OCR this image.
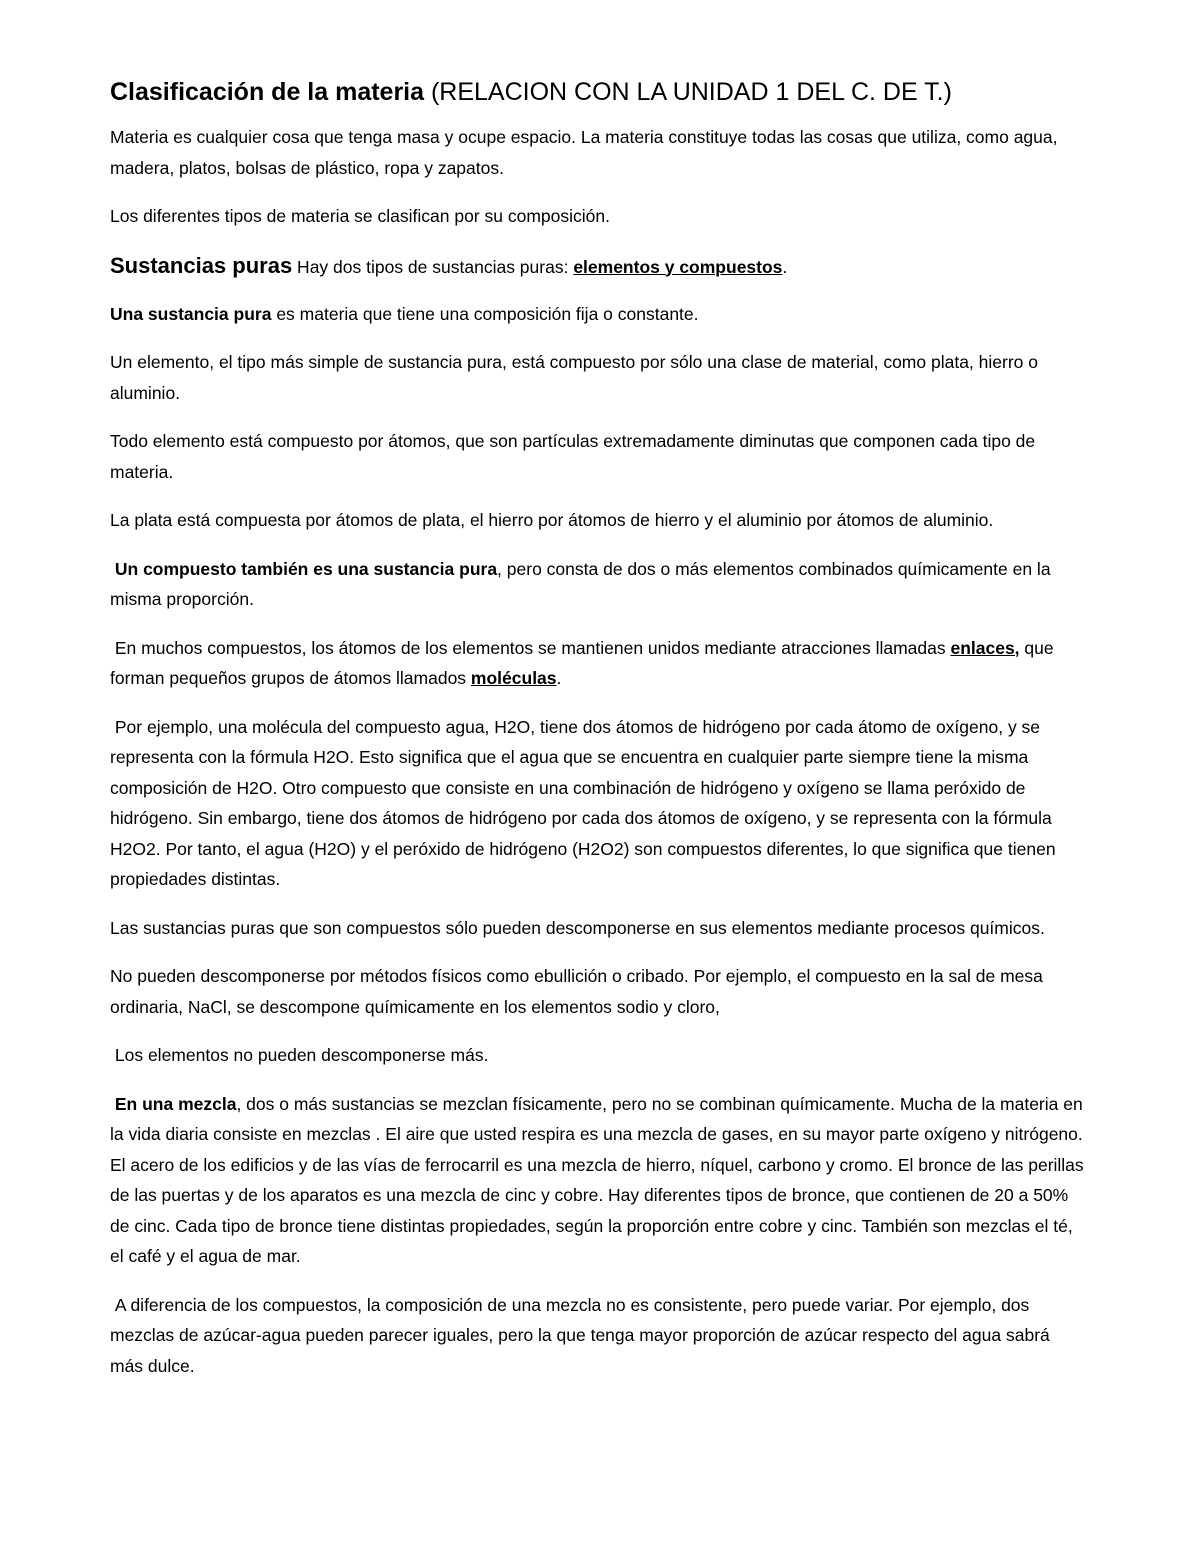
Clasificación de la materia (RELACION CON LA UNIDAD 1 DEL C. DE T.)

Materia es cualquier cosa que tenga masa y ocupe espacio. La materia constituye todas las cosas que utiliza, como agua, madera, platos, bolsas de plástico, ropa y zapatos.

Los diferentes tipos de materia se clasifican por su composición.

Sustancias puras Hay dos tipos de sustancias puras: elementos y compuestos.

Una sustancia pura es materia que tiene una composición fija o constante.

Un elemento, el tipo más simple de sustancia pura, está compuesto por sólo una clase de material, como plata, hierro o aluminio.

Todo elemento está compuesto por átomos, que son partículas extremadamente diminutas que componen cada tipo de materia.

La plata está compuesta por átomos de plata, el hierro por átomos de hierro y el aluminio por átomos de aluminio.

Un compuesto también es una sustancia pura, pero consta de dos o más elementos combinados químicamente en la misma proporción.

En muchos compuestos, los átomos de los elementos se mantienen unidos mediante atracciones llamadas enlaces, que forman pequeños grupos de átomos llamados moléculas.

Por ejemplo, una molécula del compuesto agua, H2O, tiene dos átomos de hidrógeno por cada átomo de oxígeno, y se representa con la fórmula H2O. Esto significa que el agua que se encuentra en cualquier parte siempre tiene la misma composición de H2O. Otro compuesto que consiste en una combinación de hidrógeno y oxígeno se llama peróxido de hidrógeno. Sin embargo, tiene dos átomos de hidrógeno por cada dos átomos de oxígeno, y se representa con la fórmula H2O2. Por tanto, el agua (H2O) y el peróxido de hidrógeno (H2O2) son compuestos diferentes, lo que significa que tienen propiedades distintas.

Las sustancias puras que son compuestos sólo pueden descomponerse en sus elementos mediante procesos químicos.

No pueden descomponerse por métodos físicos como ebullición o cribado. Por ejemplo, el compuesto en la sal de mesa ordinaria, NaCl, se descompone químicamente en los elementos sodio y cloro,

Los elementos no pueden descomponerse más.

En una mezcla, dos o más sustancias se mezclan físicamente, pero no se combinan químicamente. Mucha de la materia en la vida diaria consiste en mezclas . El aire que usted respira es una mezcla de gases, en su mayor parte oxígeno y nitrógeno. El acero de los edificios y de las vías de ferrocarril es una mezcla de hierro, níquel, carbono y cromo. El bronce de las perillas de las puertas y de los aparatos es una mezcla de cinc y cobre. Hay diferentes tipos de bronce, que contienen de 20 a 50% de cinc. Cada tipo de bronce tiene distintas propiedades, según la proporción entre cobre y cinc. También son mezclas el té, el café y el agua de mar.

A diferencia de los compuestos, la composición de una mezcla no es consistente, pero puede variar. Por ejemplo, dos mezclas de azúcar-agua pueden parecer iguales, pero la que tenga mayor proporción de azúcar respecto del agua sabrá más dulce.
